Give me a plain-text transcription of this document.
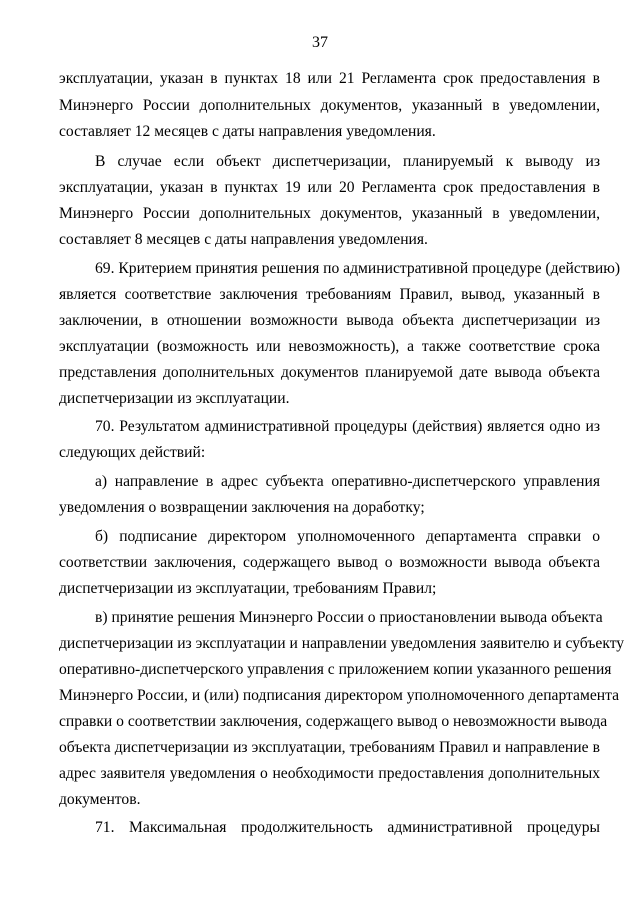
37
эксплуатации, указан в пунктах 18 или 21 Регламента срок предоставления в
Минэнерго России дополнительных документов, указанный в уведомлении,
составляет 12 месяцев с даты направления уведомления.
В случае если объект диспетчеризации, планируемый к выводу из
эксплуатации, указан в пунктах 19 или 20 Регламента срок предоставления в
Минэнерго России дополнительных документов, указанный в уведомлении,
составляет 8 месяцев с даты направления уведомления.
69. Критерием принятия решения по административной процедуре (действию)
является соответствие заключения требованиям Правил, вывод, указанный в
заключении, в отношении возможности вывода объекта диспетчеризации из
эксплуатации (возможность или невозможность), а также соответствие срока
представления дополнительных документов планируемой дате вывода объекта
диспетчеризации из эксплуатации.
70. Результатом административной процедуры (действия) является одно из
следующих действий:
а) направление в адрес субъекта оперативно-диспетчерского управления
уведомления о возвращении заключения на доработку;
б) подписание директором уполномоченного департамента справки о
соответствии заключения, содержащего вывод о возможности вывода объекта
диспетчеризации из эксплуатации, требованиям Правил;
в) принятие решения Минэнерго России о приостановлении вывода объекта
диспетчеризации из эксплуатации и направлении уведомления заявителю и субъекту
оперативно-диспетчерского управления с приложением копии указанного решения
Минэнерго России, и (или) подписания директором уполномоченного департамента
справки о соответствии заключения, содержащего вывод о невозможности вывода
объекта диспетчеризации из эксплуатации, требованиям Правил и направление в
адрес заявителя уведомления о необходимости предоставления дополнительных
документов.
71. Максимальная продолжительность административной процедуры
